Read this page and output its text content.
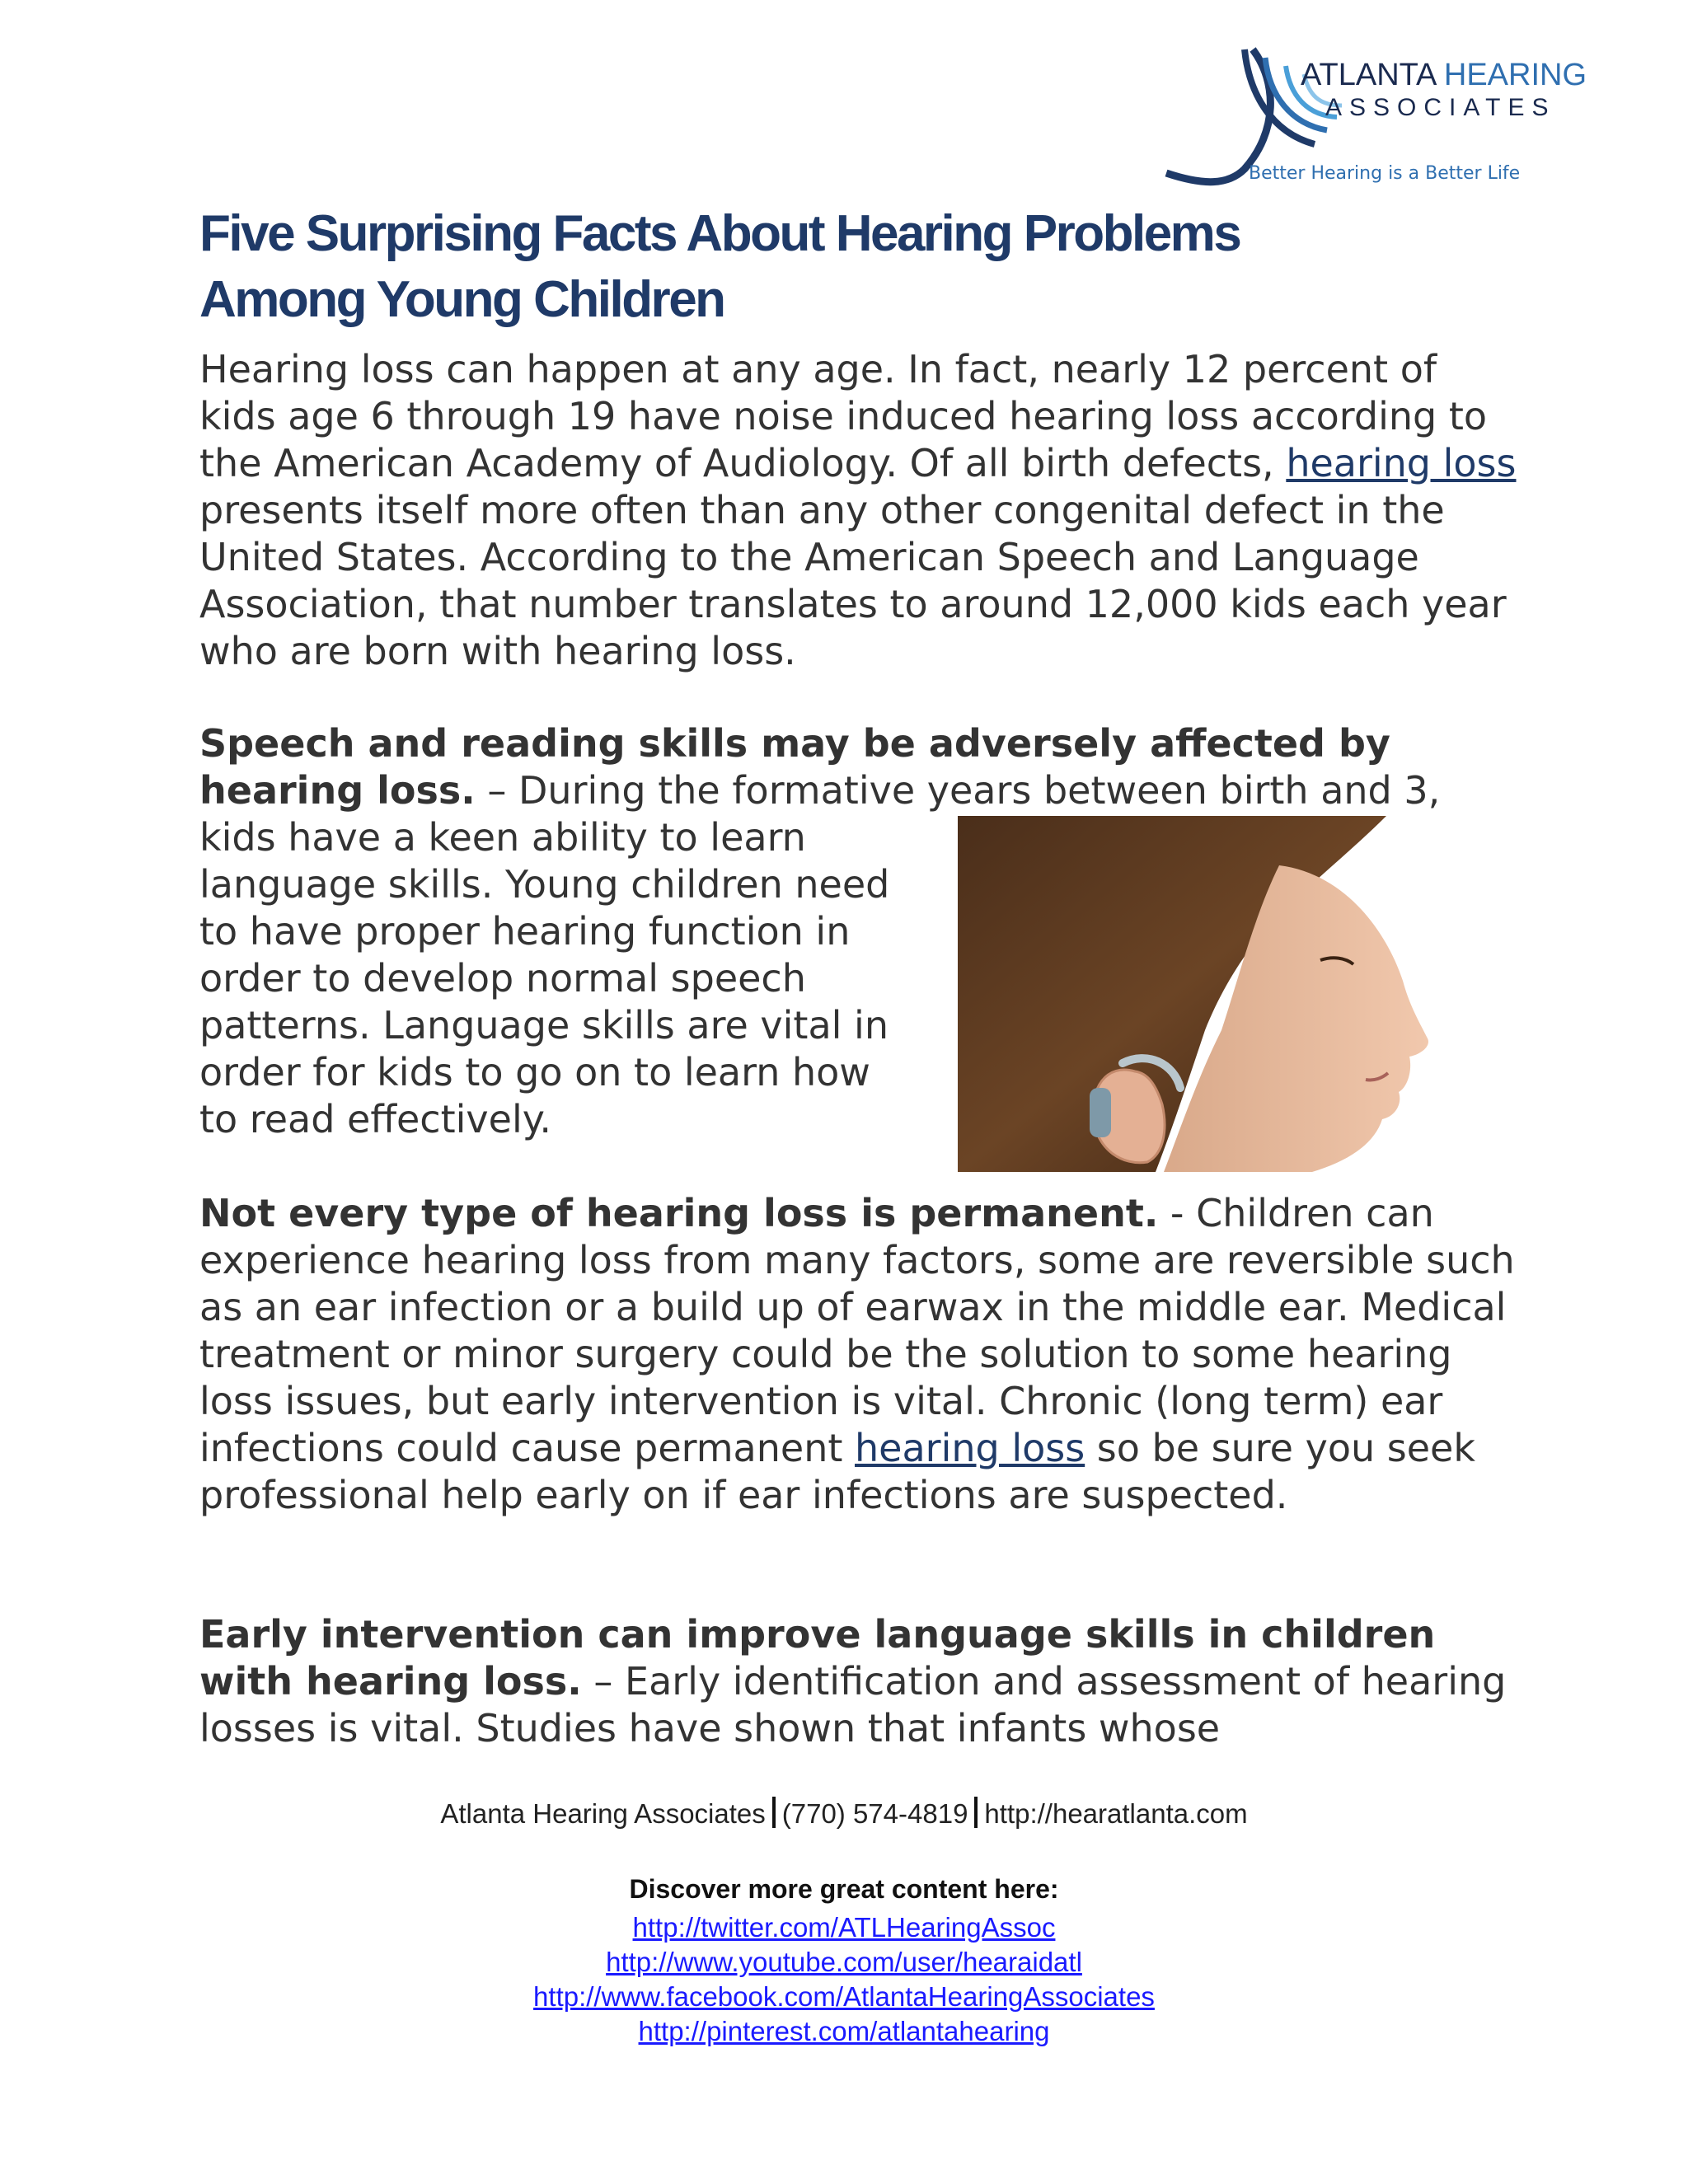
ATLANTA HEARING
ASSOCIATES
Better Hearing is a Better Life
Five Surprising Facts About Hearing Problems
Among Young Children

Hearing loss can happen at any age. In fact, nearly 12 percent of kids age 6 through 19 have noise induced hearing loss according to the American Academy of Audiology. Of all birth defects, hearing loss presents itself more often than any other congenital defect in the United States. According to the American Speech and Language Association, that number translates to around 12,000 kids each year who are born with hearing loss.

Speech and reading skills may be adversely affected by hearing loss. – During the formative years between birth and 3,
kids have a keen ability to learn
language skills. Young children need
to have proper hearing function in
order to develop normal speech
patterns. Language skills are vital in
order for kids to go on to learn how
to read effectively.

Not every type of hearing loss is permanent. - Children can experience hearing loss from many factors, some are reversible such as an ear infection or a build up of earwax in the middle ear. Medical treatment or minor surgery could be the solution to some hearing loss issues, but early intervention is vital. Chronic (long term) ear infections could cause permanent hearing loss so be sure you seek professional help early on if ear infections are suspected.

Early intervention can improve language skills in children with hearing loss. – Early identification and assessment of hearing losses is vital. Studies have shown that infants whose

Atlanta Hearing Associates (770) 574-4819 http://hearatlanta.com
Discover more great content here:
http://twitter.com/ATLHearingAssoc
http://www.youtube.com/user/hearaidatl
http://www.facebook.com/AtlantaHearingAssociates
http://pinterest.com/atlantahearing
